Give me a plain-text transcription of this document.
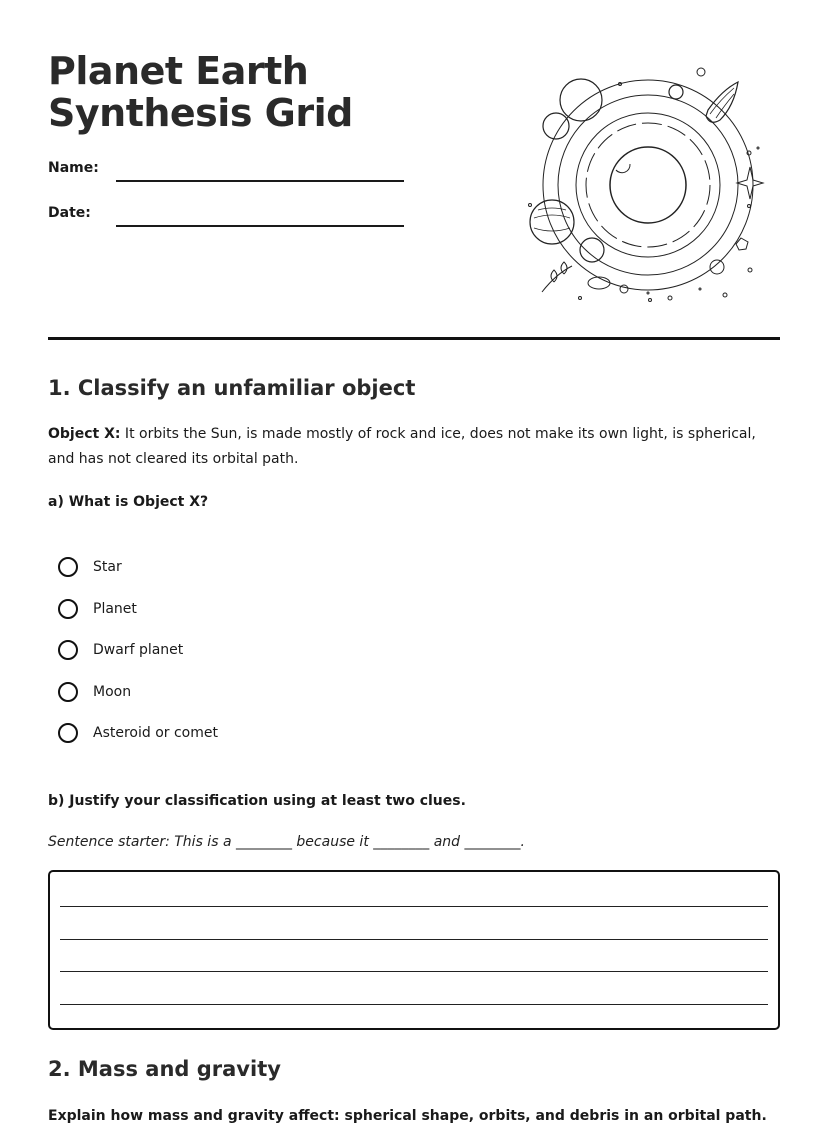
Planet Earth Synthesis Grid
Name:
Date:
1. Classify an unfamiliar object

Object X: It orbits the Sun, is made mostly of rock and ice, does not make its own light, is spherical, and has not cleared its orbital path.

a) What is Object X?

Star
Planet
Dwarf planet
Moon
Asteroid or comet

b) Justify your classification using at least two clues.

Sentence starter: This is a ________ because it ________ and ________.

2. Mass and gravity

Explain how mass and gravity affect: spherical shape, orbits, and debris in an orbital path.
